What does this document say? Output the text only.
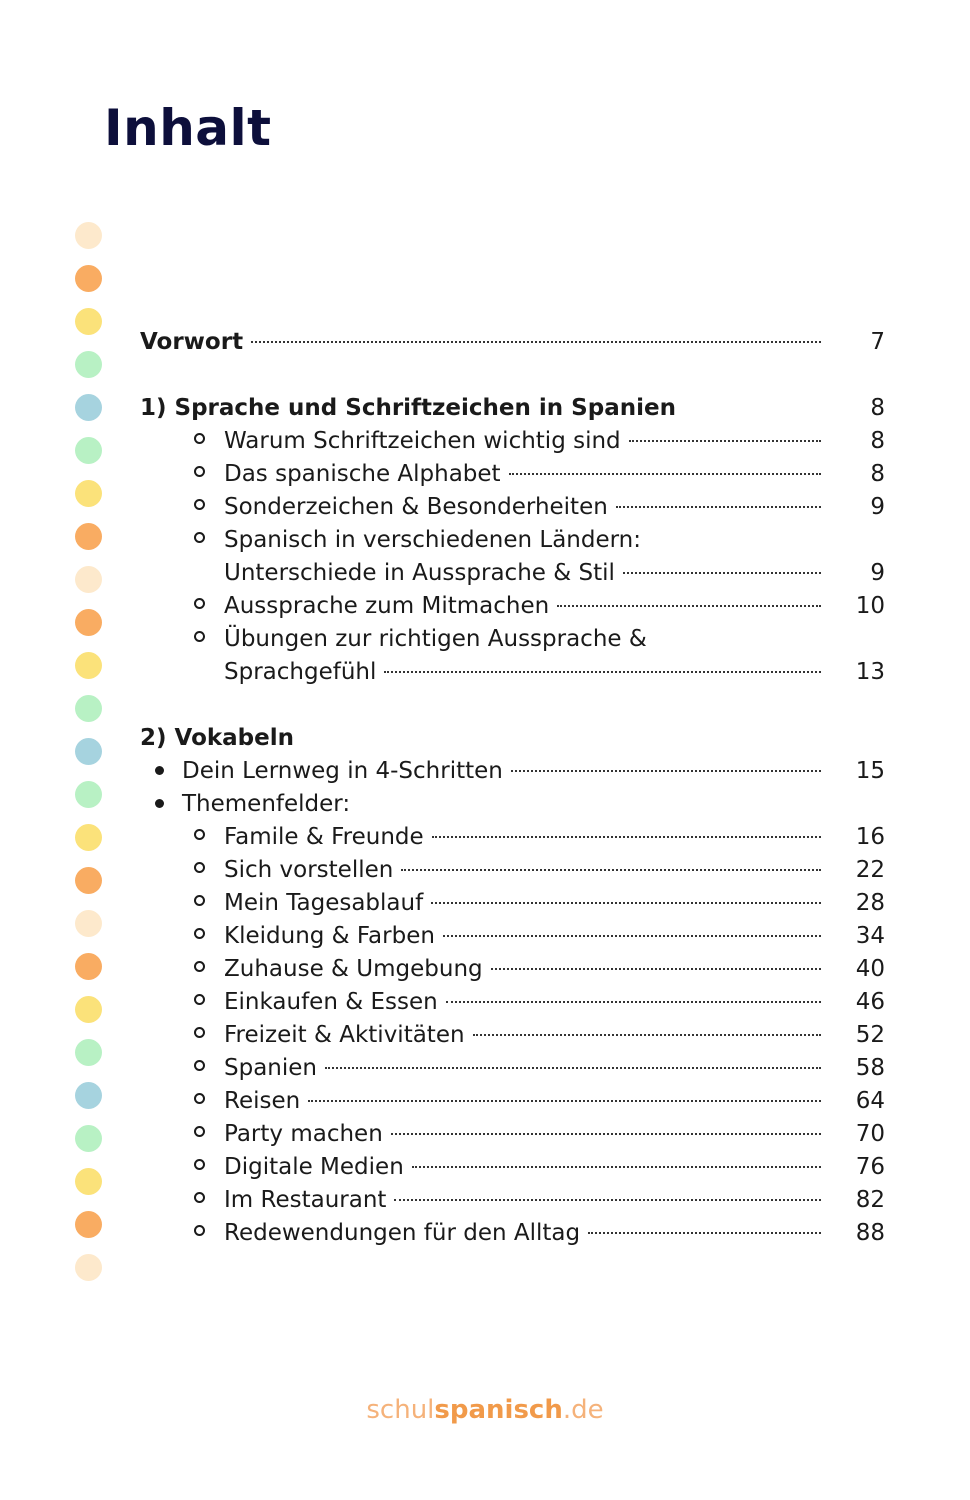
Inhalt
Vorwort	7
1) Sprache und Schriftzeichen in Spanien	8
Warum Schriftzeichen wichtig sind	8
Das spanische Alphabet	8
Sonderzeichen & Besonderheiten	9
Spanisch in verschiedenen Ländern:
Unterschiede in Aussprache & Stil	9
Aussprache zum Mitmachen	10
Übungen zur richtigen Aussprache &
Sprachgefühl	13
2) Vokabeln
Dein Lernweg in 4-Schritten	15
Themenfelder:
Famile & Freunde	16
Sich vorstellen	22
Mein Tagesablauf	28
Kleidung & Farben	34
Zuhause & Umgebung	40
Einkaufen & Essen	46
Freizeit & Aktivitäten	52
Spanien	58
Reisen	64
Party machen	70
Digitale Medien	76
Im Restaurant	82
Redewendungen für den Alltag	88
schulspanisch.de
